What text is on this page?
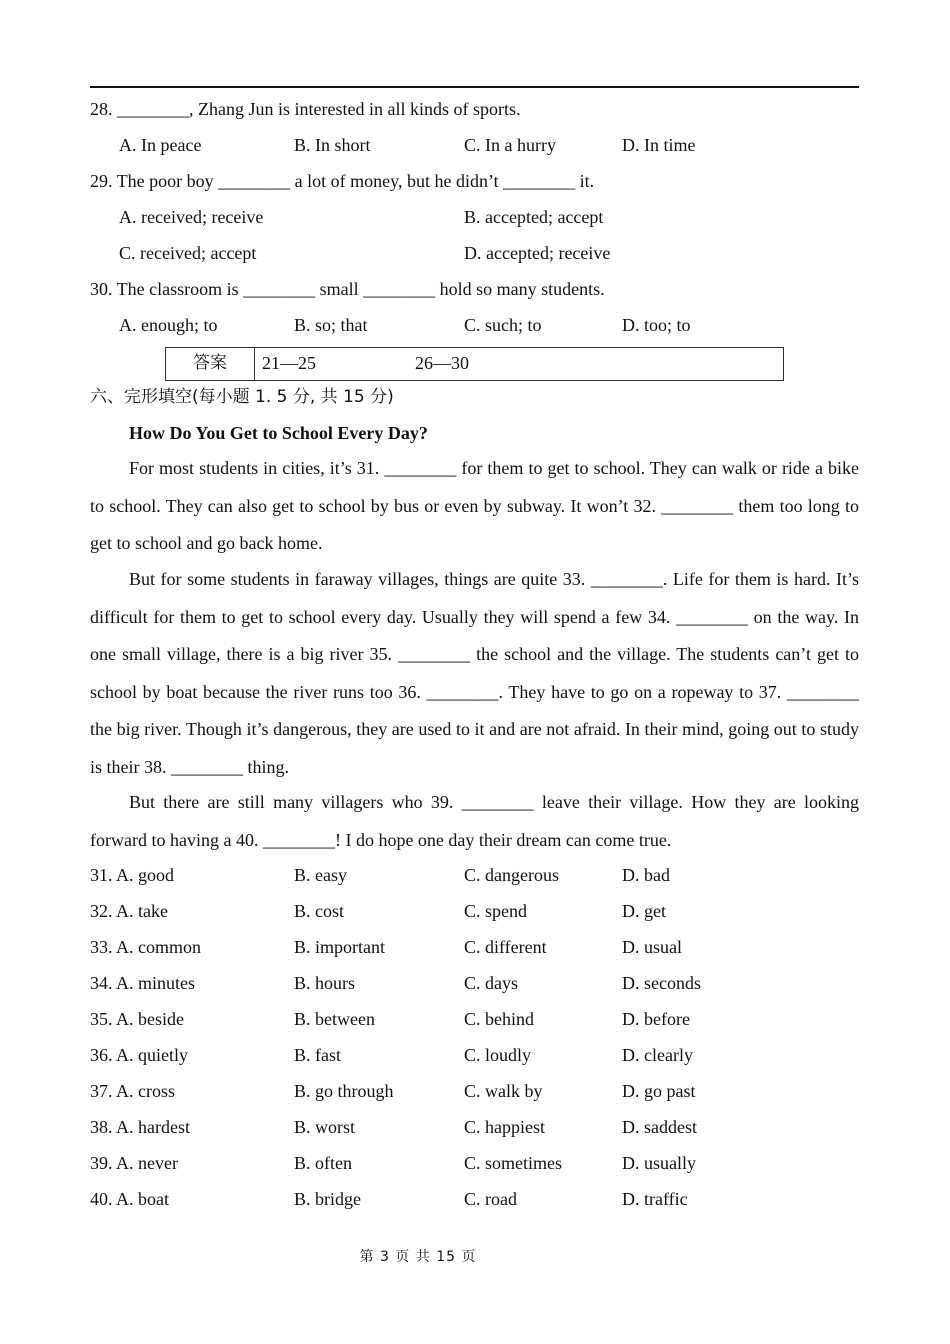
28. ________, Zhang Jun is interested in all kinds of sports.
A. In peace	B. In short	C. In a hurry	D. In time
29. The poor boy ________ a lot of money, but he didn’t ________ it.
A. received; receive	B. accepted; accept
C. received; accept	D. accepted; receive
30. The classroom is ________ small ________ hold so many students.
A. enough; to	B. so; that	C. such; to	D. too; to
答案	21—25	26—30
六、完形填空(每小题 1. 5 分, 共 15 分)
How Do You Get to School Every Day?

For most students in cities, it’s 31. ________ for them to get to school. They can walk or ride a bike to school. They can also get to school by bus or even by subway. It won’t 32. ________ them too long to get to school and go back home.

But for some students in faraway villages, things are quite 33. ________. Life for them is hard. It’s difficult for them to get to school every day. Usually they will spend a few 34. ________ on the way. In one small village, there is a big river 35. ________ the school and the village. The students can’t get to school by boat because the river runs too 36. ________. They have to go on a ropeway to 37. ________ the big river. Though it’s dangerous, they are used to it and are not afraid. In their mind, going out to study is their 38. ________ thing.

But there are still many villagers who 39. ________ leave their village. How they are looking forward to having a 40. ________! I do hope one day their dream can come true.

31. A. good	B. easy	C. dangerous	D. bad
32. A. take	B. cost	C. spend	D. get
33. A. common	B. important	C. different	D. usual
34. A. minutes	B. hours	C. days	D. seconds
35. A. beside	B. between	C. behind	D. before
36. A. quietly	B. fast	C. loudly	D. clearly
37. A. cross	B. go through	C. walk by	D. go past
38. A. hardest	B. worst	C. happiest	D. saddest
39. A. never	B. often	C. sometimes	D. usually
40. A. boat	B. bridge	C. road	D. traffic
第 3 页 共 15 页
